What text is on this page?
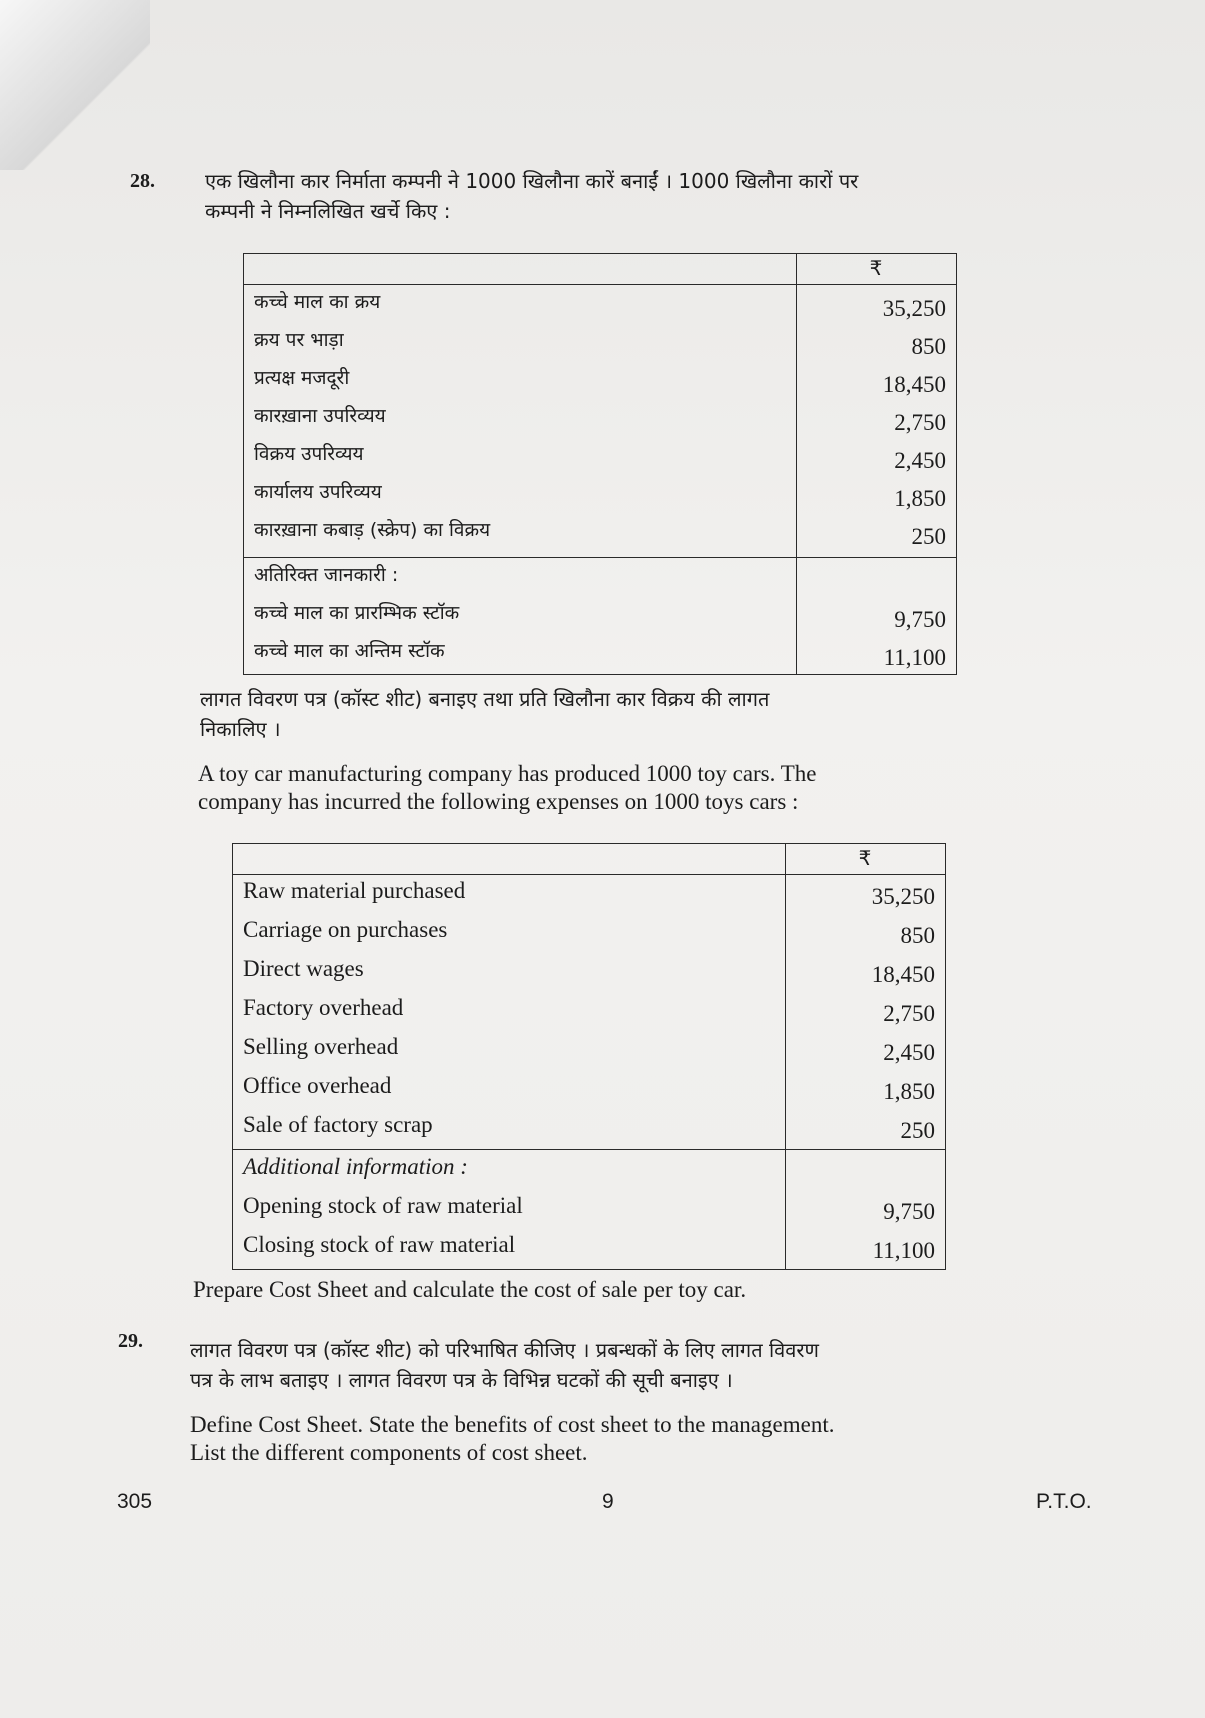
28.	एक खिलौना कार निर्माता कम्पनी ने 1000 खिलौना कारें बनाईं । 1000 खिलौना कारों पर
कम्पनी ने निम्नलिखित खर्चे किए :
₹
कच्चे माल का क्रय	35,250
क्रय पर भाड़ा	850
प्रत्यक्ष मजदूरी	18,450
कारख़ाना उपरिव्यय	2,750
विक्रय उपरिव्यय	2,450
कार्यालय उपरिव्यय	1,850
कारख़ाना कबाड़ (स्क्रेप) का विक्रय	250
अतिरिक्त जानकारी :
कच्चे माल का प्रारम्भिक स्टॉक	9,750
कच्चे माल का अन्तिम स्टॉक	11,100
लागत विवरण पत्र (कॉस्ट शीट) बनाइए तथा प्रति खिलौना कार विक्रय की लागत
निकालिए ।
A toy car manufacturing company has produced 1000 toy cars. The
company has incurred the following expenses on 1000 toys cars :
₹
Raw material purchased	35,250
Carriage on purchases	850
Direct wages	18,450
Factory overhead	2,750
Selling overhead	2,450
Office overhead	1,850
Sale of factory scrap	250
Additional information :
Opening stock of raw material	9,750
Closing stock of raw material	11,100
Prepare Cost Sheet and calculate the cost of sale per toy car.
29. लागत विवरण पत्र (कॉस्ट शीट) को परिभाषित कीजिए । प्रबन्धकों के लिए लागत विवरण
पत्र के लाभ बताइए । लागत विवरण पत्र के विभिन्न घटकों की सूची बनाइए ।
Define Cost Sheet. State the benefits of cost sheet to the management.
List the different components of cost sheet.
305	9	P.T.O.
